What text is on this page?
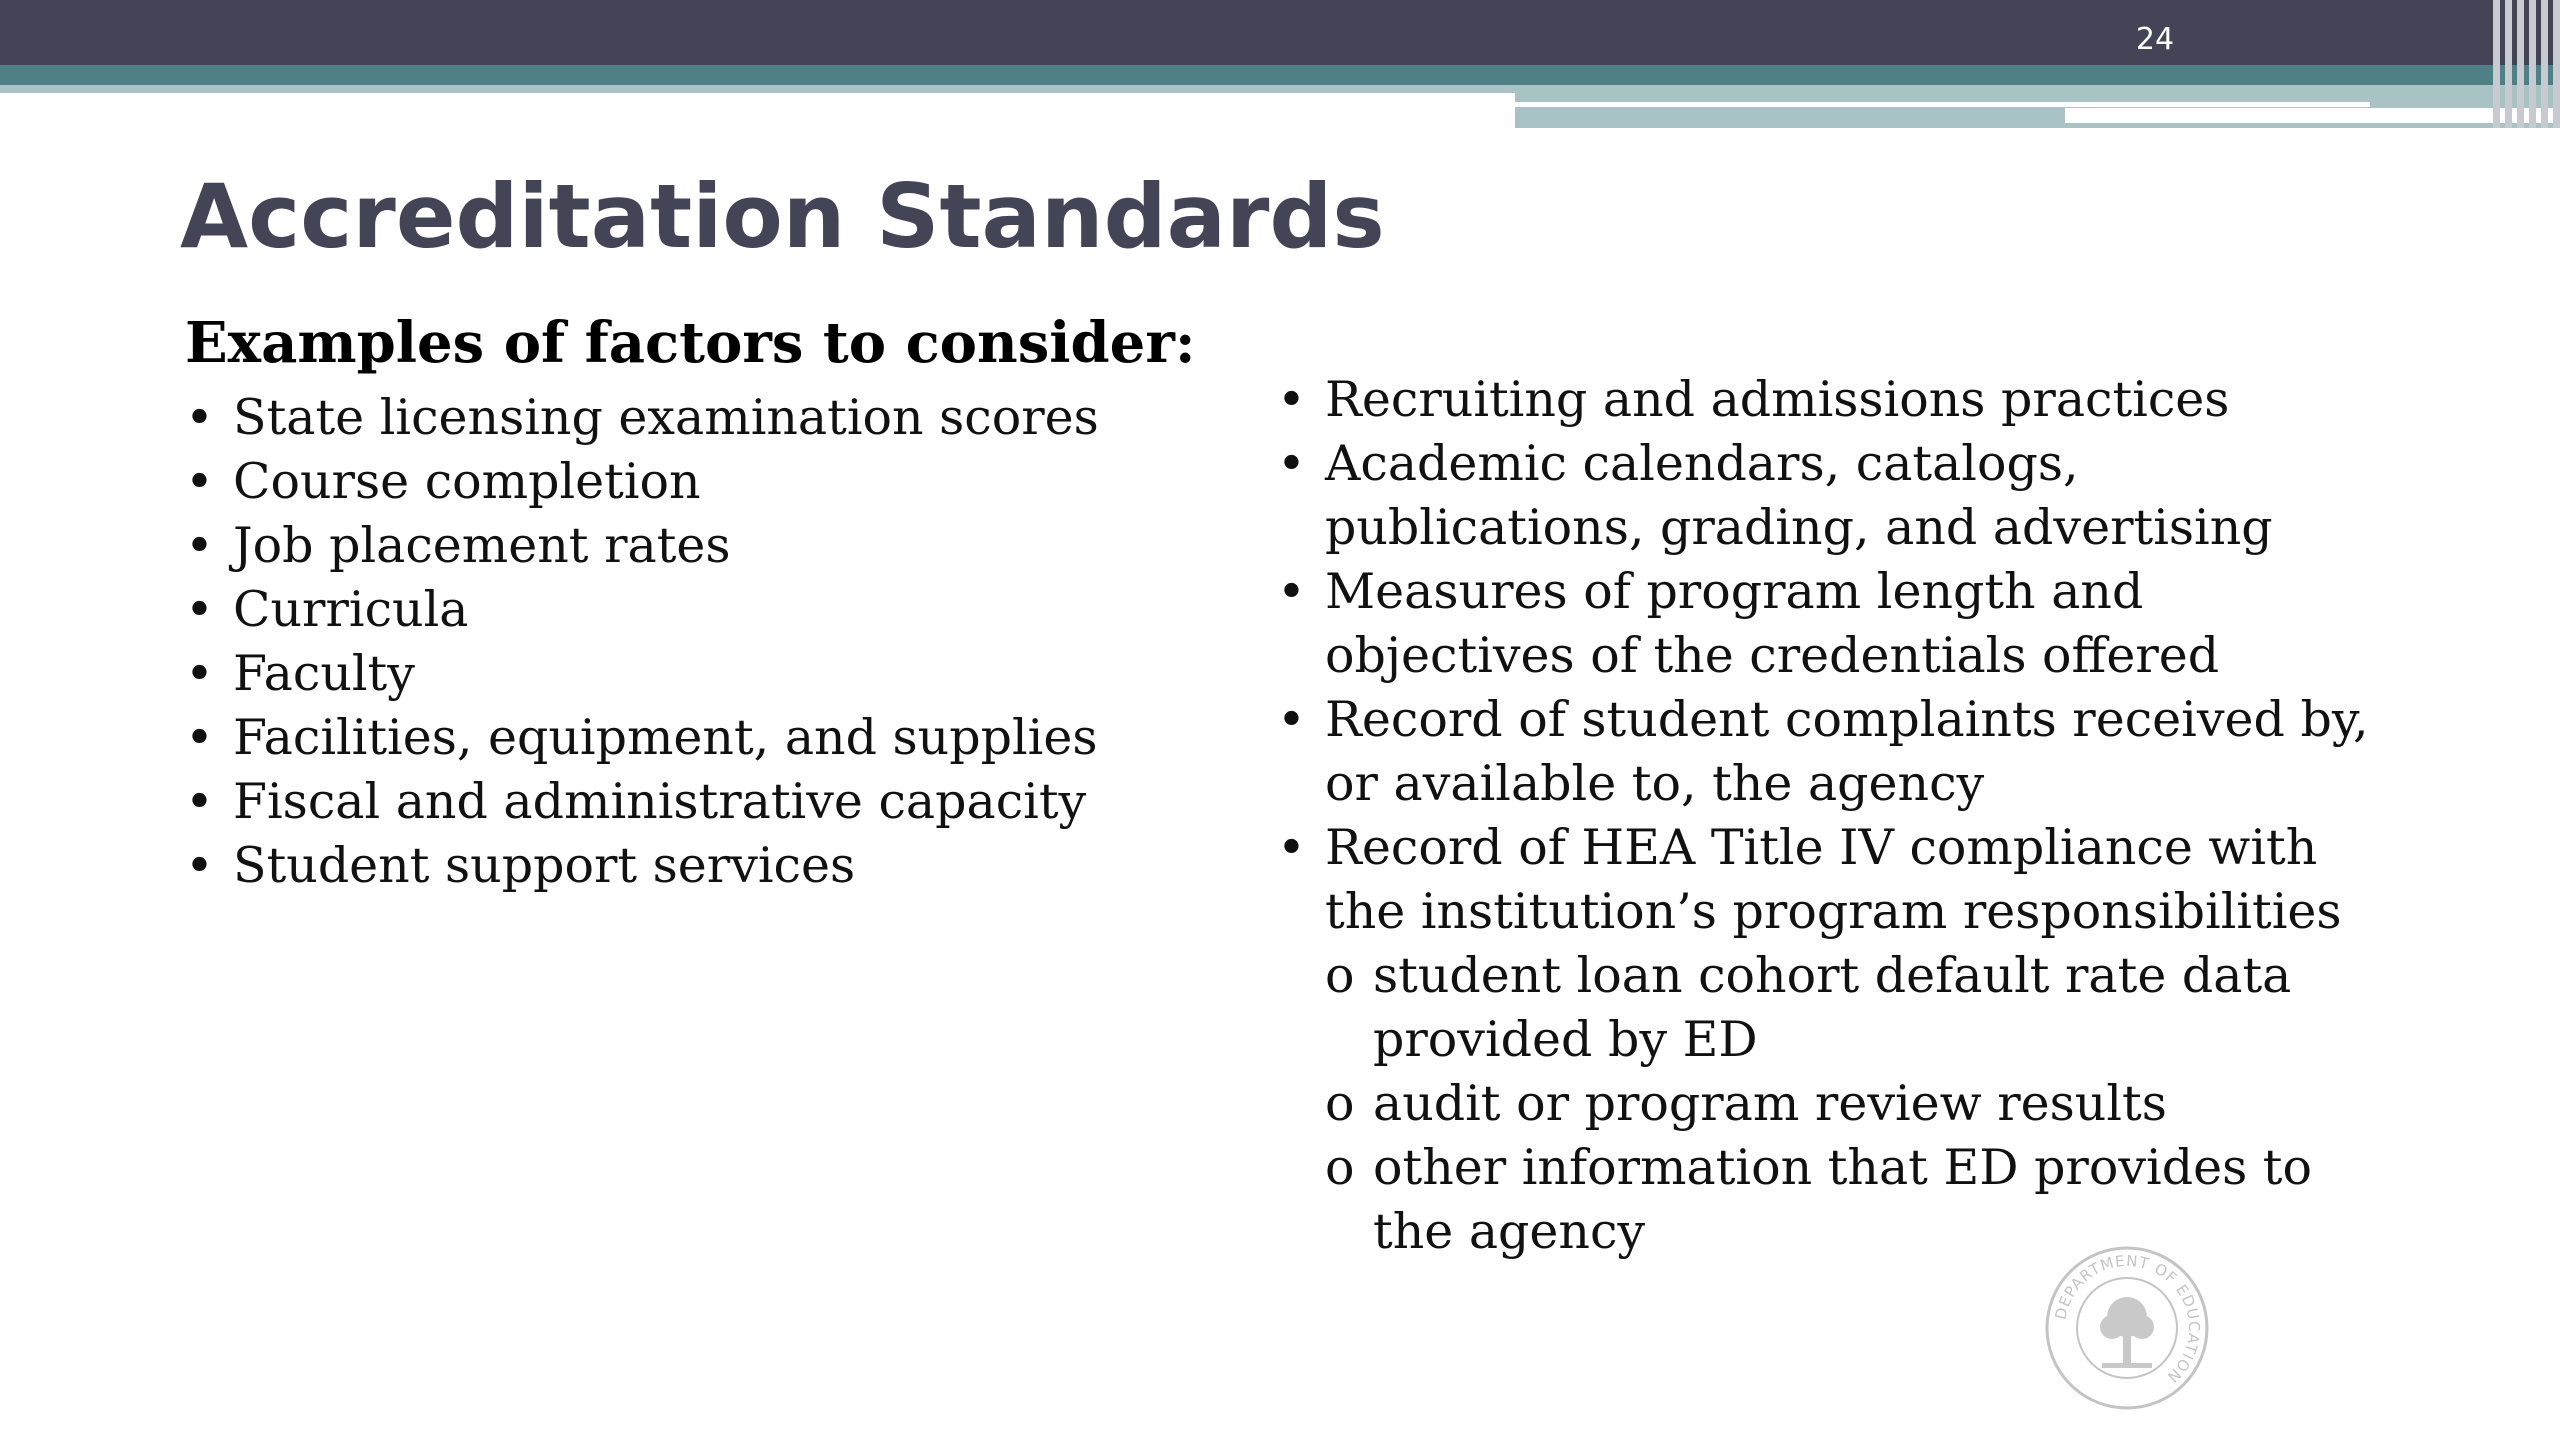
24
Accreditation Standards
Examples of factors to consider:
• State licensing examination scores
• Course completion
• Job placement rates
• Curricula
• Faculty
• Facilities, equipment, and supplies
• Fiscal and administrative capacity
• Student support services
• Recruiting and admissions practices
• Academic calendars, catalogs, publications, grading, and advertising
• Measures of program length and objectives of the credentials offered
• Record of student complaints received by, or available to, the agency
• Record of HEA Title IV compliance with the institution’s program responsibilities
o student loan cohort default rate data provided by ED
o audit or program review results
o other information that ED provides to the agency
DEPARTMENT OF EDUCATION
